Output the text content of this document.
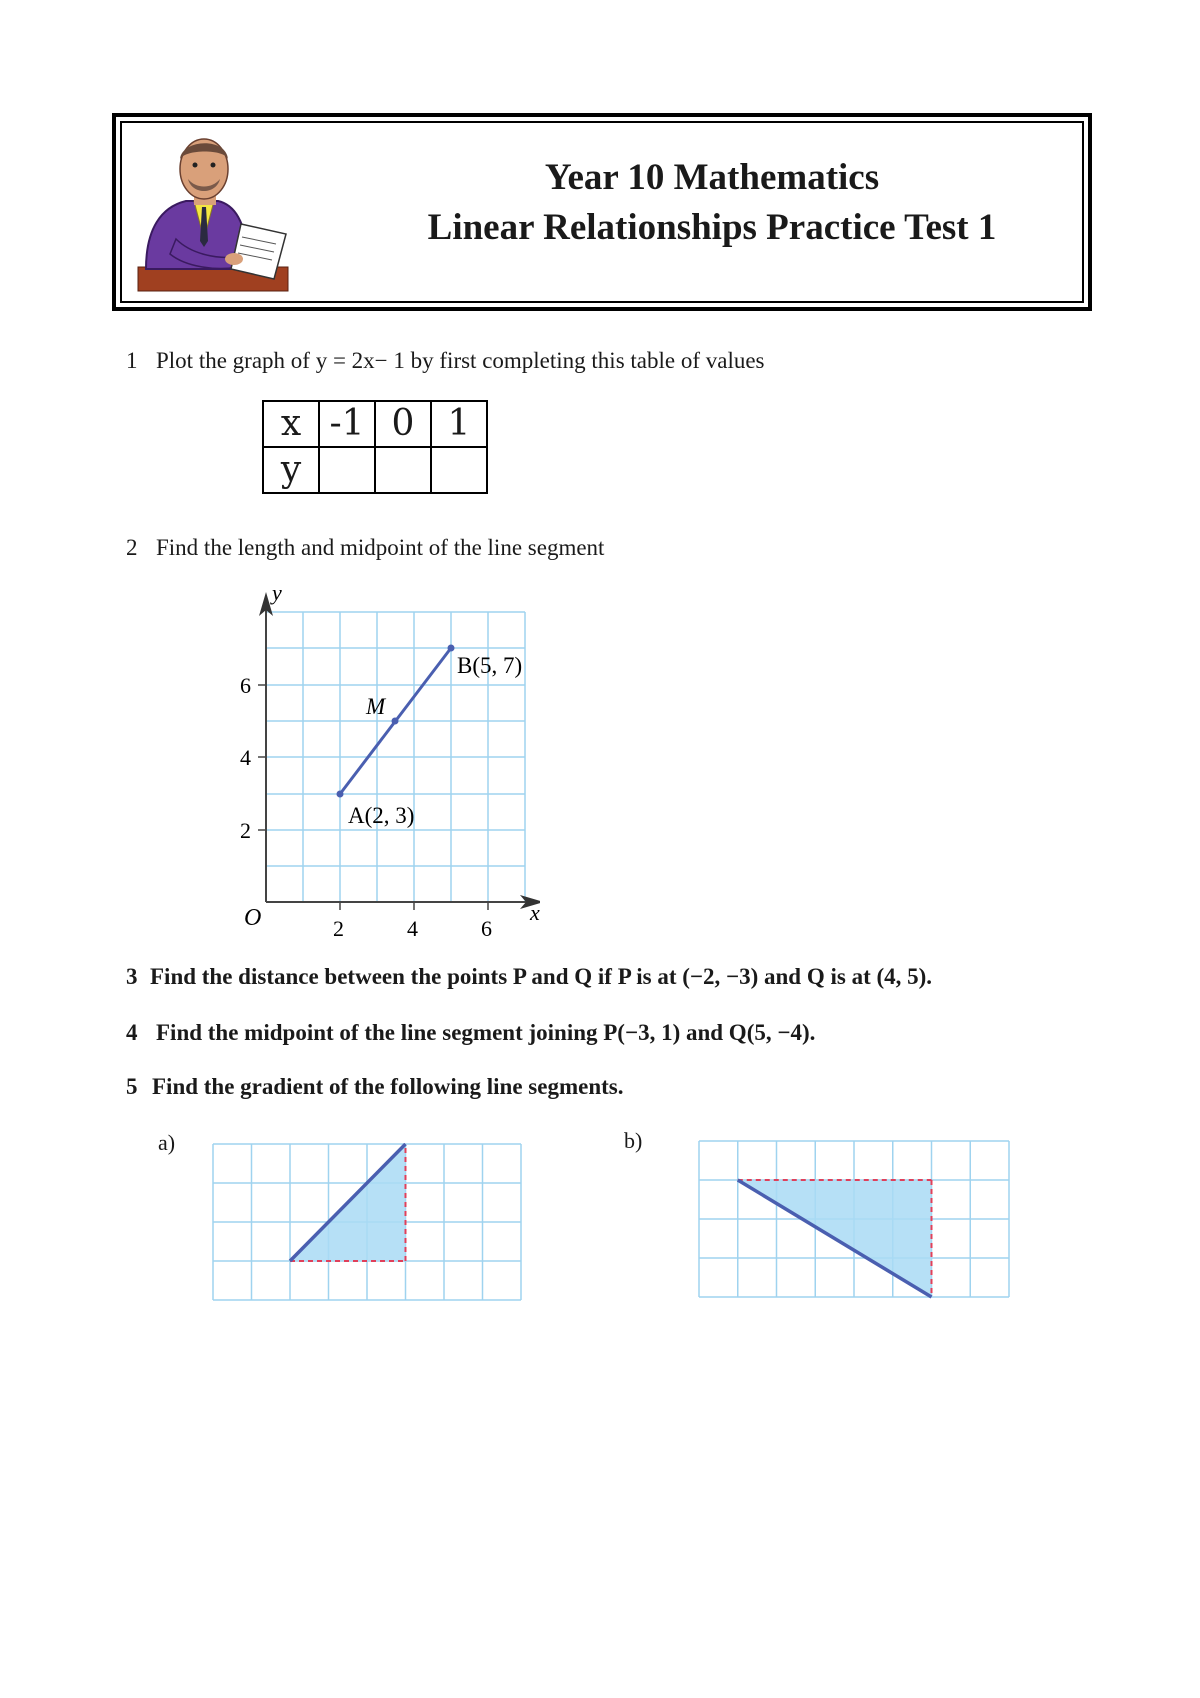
Year 10 Mathematics
Linear Relationships Practice Test 1
1 Plot the graph of y = 2x− 1 by first completing this table of values
x	-1	0	1
y			
2 Find the length and midpoint of the line segment
y
x
O	2	4	6
2
4
6
A(2, 3)
B(5, 7)
M
3 Find the distance between the points P and Q if P is at (−2, −3) and Q is at (4, 5).
4 Find the midpoint of the line segment joining P(−3, 1) and Q(5, −4).
5 Find the gradient of the following line segments.
a)	b)
